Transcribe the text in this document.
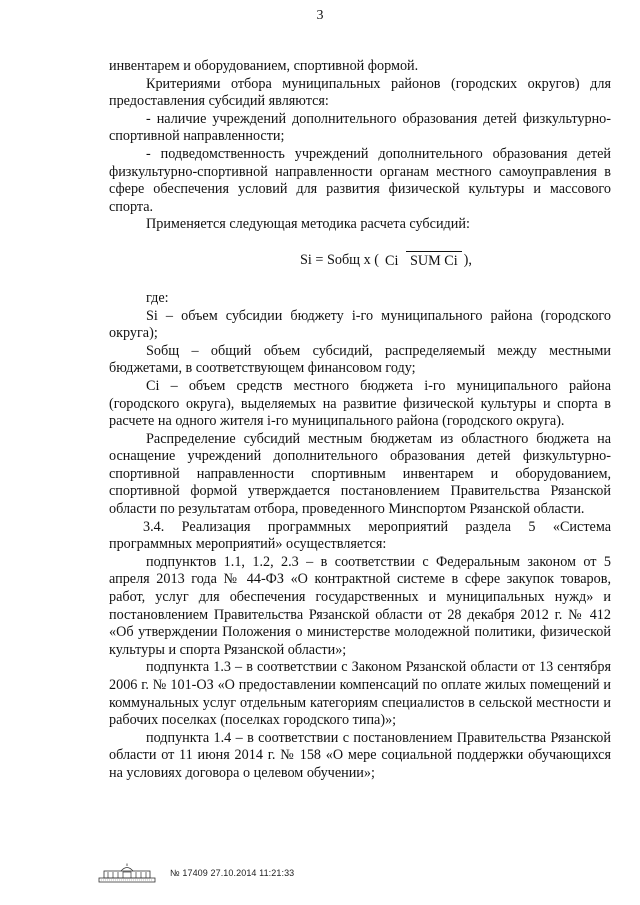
3

инвентарем и оборудованием, спортивной формой.

Критериями отбора муниципальных районов (городских округов) для предоставления субсидий являются:

- наличие учреждений дополнительного образования детей физкультурно-спортивной направленности;

- подведомственность учреждений дополнительного образования детей физкультурно-спортивной направленности органам местного самоуправления в сфере обеспечения условий для развития физической культуры и массового спорта.

Применяется следующая методика расчета субсидий:

Si = Sобщ х ( Ci SUM Ci ),

где:

Si – объем субсидии бюджету i-го муниципального района (городского округа);

Sобщ – общий объем субсидий, распределяемый между местными бюджетами, в соответствующем финансовом году;

Ci – объем средств местного бюджета i-го муниципального района (городского округа), выделяемых на развитие физической культуры и спорта в расчете на одного жителя i-го муниципального района (городского округа).

Распределение субсидий местным бюджетам из областного бюджета на оснащение учреждений дополнительного образования детей физкультурно-спортивной направленности спортивным инвентарем и оборудованием, спортивной формой утверждается постановлением Правительства Рязанской области по результатам отбора, проведенного Минспортом Рязанской области.

3.4. Реализация программных мероприятий раздела 5 «Система программных мероприятий» осуществляется:

подпунктов 1.1, 1.2, 2.3 – в соответствии с Федеральным законом от 5 апреля 2013 года № 44-ФЗ «О контрактной системе в сфере закупок товаров, работ, услуг для обеспечения государственных и муниципальных нужд» и постановлением Правительства Рязанской области от 28 декабря 2012 г. № 412 «Об утверждении Положения о министерстве молодежной политики, физической культуры и спорта Рязанской области»;

подпункта 1.3 – в соответствии с Законом Рязанской области от 13 сентября 2006 г. № 101-ОЗ «О предоставлении компенсаций по оплате жилых помещений и коммунальных услуг отдельным категориям специалистов в сельской местности и рабочих поселках (поселках городского типа)»;

подпункта 1.4 – в соответствии с постановлением Правительства Рязанской области от 11 июня 2014 г. № 158 «О мере социальной поддержки обучающихся на условиях договора о целевом обучении»;

№ 17409 27.10.2014 11:21:33
